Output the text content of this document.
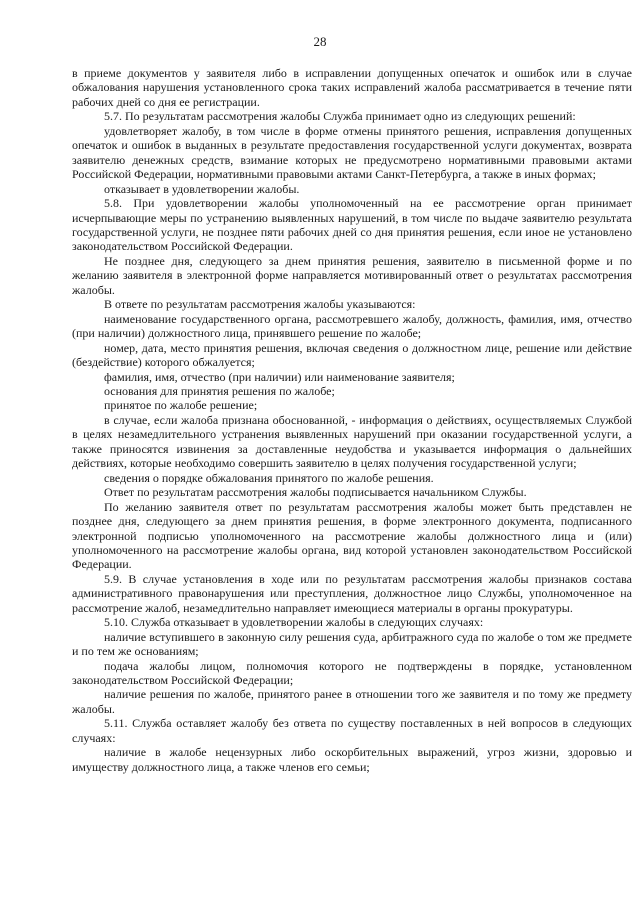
28

в приеме документов у заявителя либо в исправлении допущенных опечаток и ошибок или в случае обжалования нарушения установленного срока таких исправлений жалоба рассматривается в течение пяти рабочих дней со дня ее регистрации.

5.7. По результатам рассмотрения жалобы Служба принимает одно из следующих решений:

удовлетворяет жалобу, в том числе в форме отмены принятого решения, исправления допущенных опечаток и ошибок в выданных в результате предоставления государственной услуги документах, возврата заявителю денежных средств, взимание которых не предусмотрено нормативными правовыми актами Российской Федерации, нормативными правовыми актами Санкт-Петербурга, а также в иных формах;

отказывает в удовлетворении жалобы.

5.8. При удовлетворении жалобы уполномоченный на ее рассмотрение орган принимает исчерпывающие меры по устранению выявленных нарушений, в том числе по выдаче заявителю результата государственной услуги, не позднее пяти рабочих дней со дня принятия решения, если иное не установлено законодательством Российской Федерации.

Не позднее дня, следующего за днем принятия решения, заявителю в письменной форме и по желанию заявителя в электронной форме направляется мотивированный ответ о результатах рассмотрения жалобы.

В ответе по результатам рассмотрения жалобы указываются:

наименование государственного органа, рассмотревшего жалобу, должность, фамилия, имя, отчество (при наличии) должностного лица, принявшего решение по жалобе;

номер, дата, место принятия решения, включая сведения о должностном лице, решение или действие (бездействие) которого обжалуется;

фамилия, имя, отчество (при наличии) или наименование заявителя;

основания для принятия решения по жалобе;

принятое по жалобе решение;

в случае, если жалоба признана обоснованной, - информация о действиях, осуществляемых Службой в целях незамедлительного устранения выявленных нарушений при оказании государственной услуги, а также приносятся извинения за доставленные неудобства и указывается информация о дальнейших действиях, которые необходимо совершить заявителю в целях получения государственной услуги;

сведения о порядке обжалования принятого по жалобе решения.

Ответ по результатам рассмотрения жалобы подписывается начальником Службы.

По желанию заявителя ответ по результатам рассмотрения жалобы может быть представлен не позднее дня, следующего за днем принятия решения, в форме электронного документа, подписанного электронной подписью уполномоченного на рассмотрение жалобы должностного лица и (или) уполномоченного на рассмотрение жалобы органа, вид которой установлен законодательством Российской Федерации.

5.9. В случае установления в ходе или по результатам рассмотрения жалобы признаков состава административного правонарушения или преступления, должностное лицо Службы, уполномоченное на рассмотрение жалоб, незамедлительно направляет имеющиеся материалы в органы прокуратуры.

5.10. Служба отказывает в удовлетворении жалобы в следующих случаях:

наличие вступившего в законную силу решения суда, арбитражного суда по жалобе о том же предмете и по тем же основаниям;

подача жалобы лицом, полномочия которого не подтверждены в порядке, установленном законодательством Российской Федерации;

наличие решения по жалобе, принятого ранее в отношении того же заявителя и по тому же предмету жалобы.

5.11. Служба оставляет жалобу без ответа по существу поставленных в ней вопросов в следующих случаях:

наличие в жалобе нецензурных либо оскорбительных выражений, угроз жизни, здоровью и имуществу должностного лица, а также членов его семьи;
